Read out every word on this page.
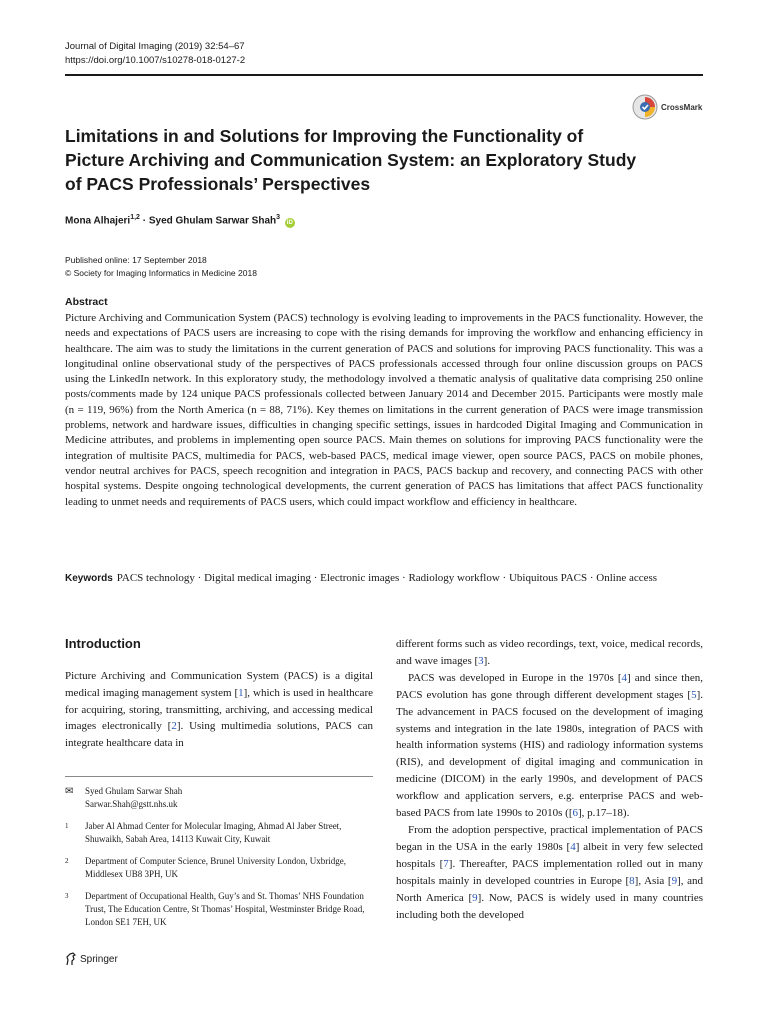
Journal of Digital Imaging (2019) 32:54–67
https://doi.org/10.1007/s10278-018-0127-2
CrossMark
Limitations in and Solutions for Improving the Functionality of Picture Archiving and Communication System: an Exploratory Study of PACS Professionals’ Perspectives
Mona Alhajeri$^{1,2}$ · Syed Ghulam Sarwar Shah$^3$ iD
Published online: 17 September 2018
© Society for Imaging Informatics in Medicine 2018
Abstract
Picture Archiving and Communication System (PACS) technology is evolving leading to improvements in the PACS functionality. However, the needs and expectations of PACS users are increasing to cope with the rising demands for improving the workflow and enhancing efficiency in healthcare. The aim was to study the limitations in the current generation of PACS and solutions for improving PACS functionality. This was a longitudinal online observational study of the perspectives of PACS professionals accessed through four online discussion groups on PACS using the LinkedIn network. In this exploratory study, the methodology involved a thematic analysis of qualitative data comprising 250 online posts/comments made by 124 unique PACS professionals collected between January 2014 and December 2015. Participants were mostly male (n = 119, 96%) from the North America (n = 88, 71%). Key themes on limitations in the current generation of PACS were image transmission problems, network and hardware issues, difficulties in changing specific settings, issues in hardcoded Digital Imaging and Communication in Medicine attributes, and problems in implementing open source PACS. Main themes on solutions for improving PACS functionality were the integration of multisite PACS, multimedia for PACS, web-based PACS, medical image viewer, open source PACS, PACS on mobile phones, vendor neutral archives for PACS, speech recognition and integration in PACS, PACS backup and recovery, and connecting PACS with other hospital systems. Despite ongoing technological developments, the current generation of PACS has limitations that affect PACS functionality leading to unmet needs and requirements of PACS users, which could impact workflow and efficiency in healthcare.
Keywords PACS technology · Digital medical imaging · Electronic images · Radiology workflow · Ubiquitous PACS · Online access
Introduction
Picture Archiving and Communication System (PACS) is a digital medical imaging management system [1], which is used in healthcare for acquiring, storing, transmitting, archiving, and accessing medical images electronically [2]. Using multimedia solutions, PACS can integrate healthcare data in
✉	Syed Ghulam Sarwar Shah
Sarwar.Shah@gstt.nhs.uk
1	Jaber Al Ahmad Center for Molecular Imaging, Ahmad Al Jaber Street, Shuwaikh, Sabah Area, 14113 Kuwait City, Kuwait
2	Department of Computer Science, Brunel University London, Uxbridge, Middlesex UB8 3PH, UK
3	Department of Occupational Health, Guy’s and St. Thomas’ NHS Foundation Trust, The Education Centre, St Thomas’ Hospital, Westminster Bridge Road, London SE1 7EH, UK

different forms such as video recordings, text, voice, medical records, and wave images [3].

PACS was developed in Europe in the 1970s [4] and since then, PACS evolution has gone through different development stages [5]. The advancement in PACS focused on the development of imaging systems and integration in the late 1980s, integration of PACS with health information systems (HIS) and radiology information systems (RIS), and development of digital imaging and communication in medicine (DICOM) in the early 1990s, and development of PACS workflow and application servers, e.g. enterprise PACS and web-based PACS from late 1990s to 2010s ([6], p.17–18).

From the adoption perspective, practical implementation of PACS began in the USA in the early 1980s [4] albeit in very few selected hospitals [7]. Thereafter, PACS implementation rolled out in many hospitals mainly in developed countries in Europe [8], Asia [9], and North America [9]. Now, PACS is widely used in many countries including both the developed

Springer
